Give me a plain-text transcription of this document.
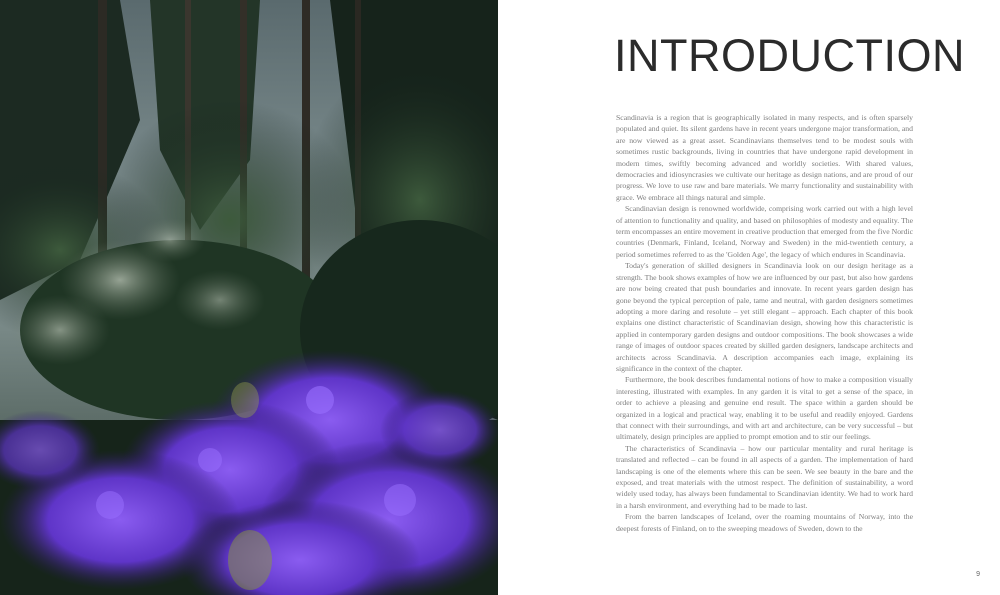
INTRODUCTION

Scandinavia is a region that is geographically isolated in many respects, and is often sparsely populated and quiet. Its silent gardens have in recent years undergone major transformation, and are now viewed as a great asset. Scandinavians themselves tend to be modest souls with sometimes rustic backgrounds, living in countries that have undergone rapid development in modern times, swiftly becoming advanced and worldly societies. With shared values, democracies and idiosyncrasies we cultivate our heritage as design nations, and are proud of our progress. We love to use raw and bare materials. We marry functionality and sustainability with grace. We embrace all things natural and simple.

Scandinavian design is renowned worldwide, comprising work carried out with a high level of attention to functionality and quality, and based on philosophies of modesty and equality. The term encompasses an entire movement in creative production that emerged from the five Nordic countries (Denmark, Finland, Iceland, Norway and Sweden) in the mid-twentieth century, a period sometimes referred to as the 'Golden Age', the legacy of which endures in Scandinavia.

Today's generation of skilled designers in Scandinavia look on our design heritage as a strength. The book shows examples of how we are influenced by our past, but also how gardens are now being created that push boundaries and innovate. In recent years garden design has gone beyond the typical perception of pale, tame and neutral, with garden designers sometimes adopting a more daring and resolute – yet still elegant – approach. Each chapter of this book explains one distinct characteristic of Scandinavian design, showing how this characteristic is applied in contemporary garden designs and outdoor compositions. The book showcases a wide range of images of outdoor spaces created by skilled garden designers, landscape architects and architects across Scandinavia. A description accompanies each image, explaining its significance in the context of the chapter.

Furthermore, the book describes fundamental notions of how to make a composition visually interesting, illustrated with examples. In any garden it is vital to get a sense of the space, in order to achieve a pleasing and genuine end result. The space within a garden should be organized in a logical and practical way, enabling it to be useful and readily enjoyed. Gardens that connect with their surroundings, and with art and architecture, can be very successful – but ultimately, design principles are applied to prompt emotion and to stir our feelings.

The characteristics of Scandinavia – how our particular mentality and rural heritage is translated and reflected – can be found in all aspects of a garden. The implementation of hard landscaping is one of the elements where this can be seen. We see beauty in the bare and the exposed, and treat materials with the utmost respect. The definition of sustainability, a word widely used today, has always been fundamental to Scandinavian identity. We had to work hard in a harsh environment, and everything had to be made to last.

From the barren landscapes of Iceland, over the roaming mountains of Norway, into the deepest forests of Finland, on to the sweeping meadows of Sweden, down to the

9
